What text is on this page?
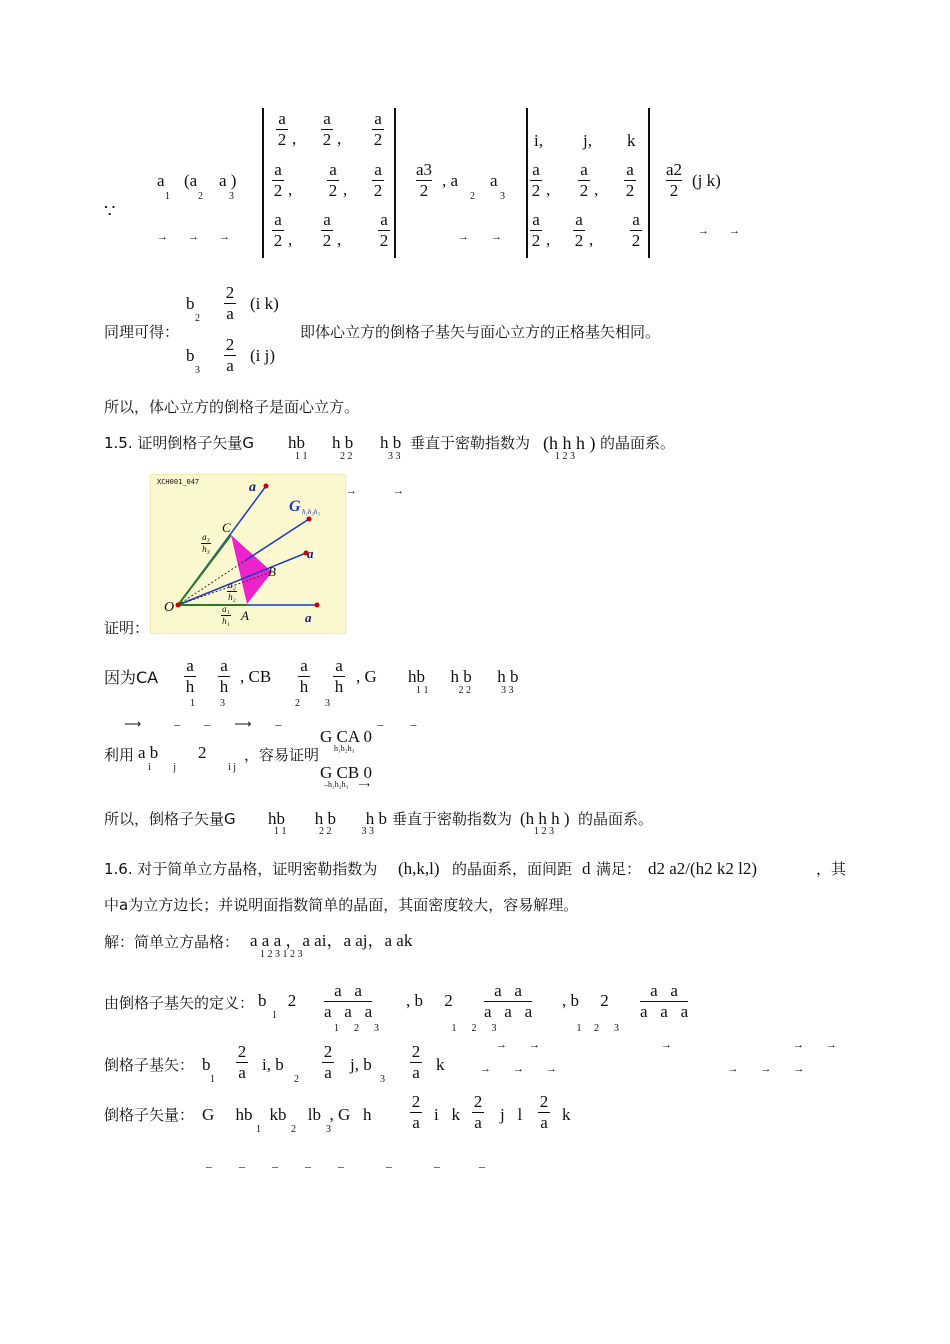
∵
a
1
(a
2
a )
3
→→→
a
2 ,
a
2 ,
a
2
a
2 ,
a
2 ,
a
2
a
2 ,
a
2 ,
a
2
a3
2
, a
2
a
3
→→
i, j, k
a
2 ,
a
2 ,
a
2
a
2 ,
a
2 ,
a
2
a2
2
(j k)
→→
b
2
2
a
(i k)
同理可得：	即体心立方的倒格子基矢与面心立方的正格基矢相同。
b
3
2
a
(i j)
所以，体心立方的倒格子是面心立方。
1.5. 证明倒格子矢量G hb
1 1
h b
2 2
h b
3 3
垂直于密勒指数为 (h h h )
1 2 3
的晶面系。
→→
XCH001_047
O
A
B
C
a
a
a
G h₁h₂h₃
a₃
h₃
a₂
h₂
a₁
h₁
证明：
因为CA
a
h
a
h
, CB
a
h
a
h
, G hb      h b      h b
1 1            2 2            3 3
1          3                            2          3
⟶           –        –        ⟶        –                                –         –
利用 a b
i         j
2
i j
，容易证明
G CA 0
h₁h₂h₃
G CB 0
–h₁h₂h₃     ⟶
所以，倒格子矢量G hb       h b       h b
1 1             2 2            3 3
垂直于密勒指数为 (h h h )
1 2 3
的晶面系。
1.6. 对于简单立方晶格，证明密勒指数为 (h,k,l) 的晶面系，面间距 d 满足： d2 a2/(h2 k2 l2)	，其
中a为立方边长；并说明面指数简单的晶面，其面密度较大，容易解理。
解：简单立方晶格： a a a ，a ai，a aj，a ak
1 2 3 1 2 3
由倒格子基矢的定义： b     2
1
a   a
a   a   a
, b     2
a   a
a   a   a
, b     2
a   a
a   a   a
1      2      3                             1      2      3                                1     2      3
→→    →    →→
倒格子基矢： b
1
2
a i, b
2
2
a j, b
3
2
a k	→→→      →→→
倒格子矢量： G     hb    kb     lb  , G   h
1            2            3
2
a i   k
2
a j   l
2
a k
–         –         –         –         –              –              –             –
